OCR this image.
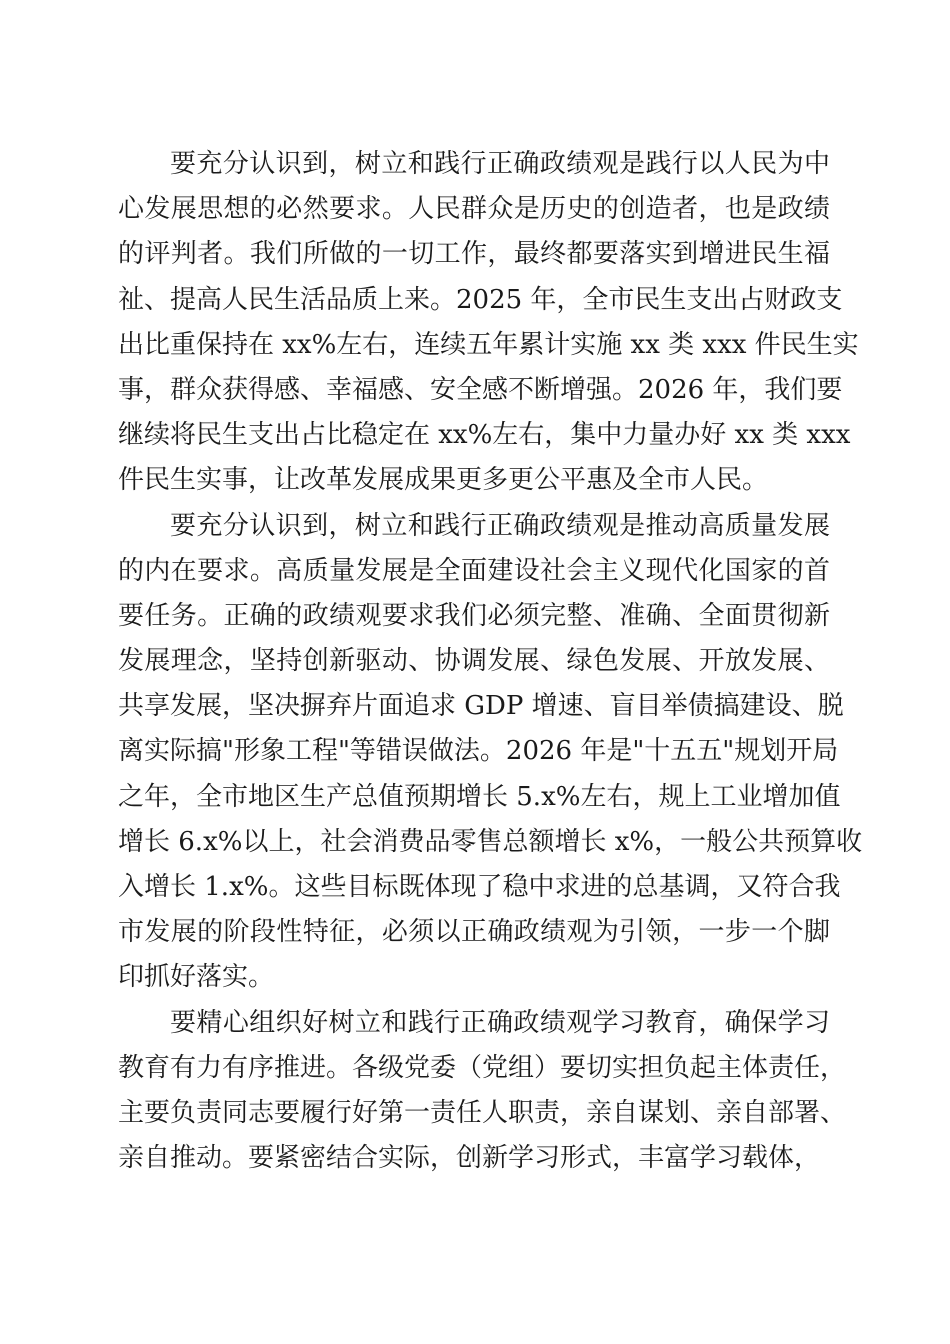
要充分认识到，树立和践行正确政绩观是践行以人民为中
心发展思想的必然要求。人民群众是历史的创造者，也是政绩
的评判者。我们所做的一切工作，最终都要落实到增进民生福
祉、提高人民生活品质上来。2025 年，全市民生支出占财政支
出比重保持在 xx%左右，连续五年累计实施 xx 类 xxx 件民生实
事，群众获得感、幸福感、安全感不断增强。2026 年，我们要
继续将民生支出占比稳定在 xx%左右，集中力量办好 xx 类 xxx
件民生实事，让改革发展成果更多更公平惠及全市人民。
要充分认识到，树立和践行正确政绩观是推动高质量发展
的内在要求。高质量发展是全面建设社会主义现代化国家的首
要任务。正确的政绩观要求我们必须完整、准确、全面贯彻新
发展理念，坚持创新驱动、协调发展、绿色发展、开放发展、
共享发展，坚决摒弃片面追求 GDP 增速、盲目举债搞建设、脱
离实际搞"形象工程"等错误做法。2026 年是"十五五"规划开局
之年，全市地区生产总值预期增长 5.x%左右，规上工业增加值
增长 6.x%以上，社会消费品零售总额增长 x%，一般公共预算收
入增长 1.x%。这些目标既体现了稳中求进的总基调，又符合我
市发展的阶段性特征，必须以正确政绩观为引领，一步一个脚
印抓好落实。
要精心组织好树立和践行正确政绩观学习教育，确保学习
教育有力有序推进。各级党委（党组）要切实担负起主体责任，
主要负责同志要履行好第一责任人职责，亲自谋划、亲自部署、
亲自推动。要紧密结合实际，创新学习形式，丰富学习载体，
